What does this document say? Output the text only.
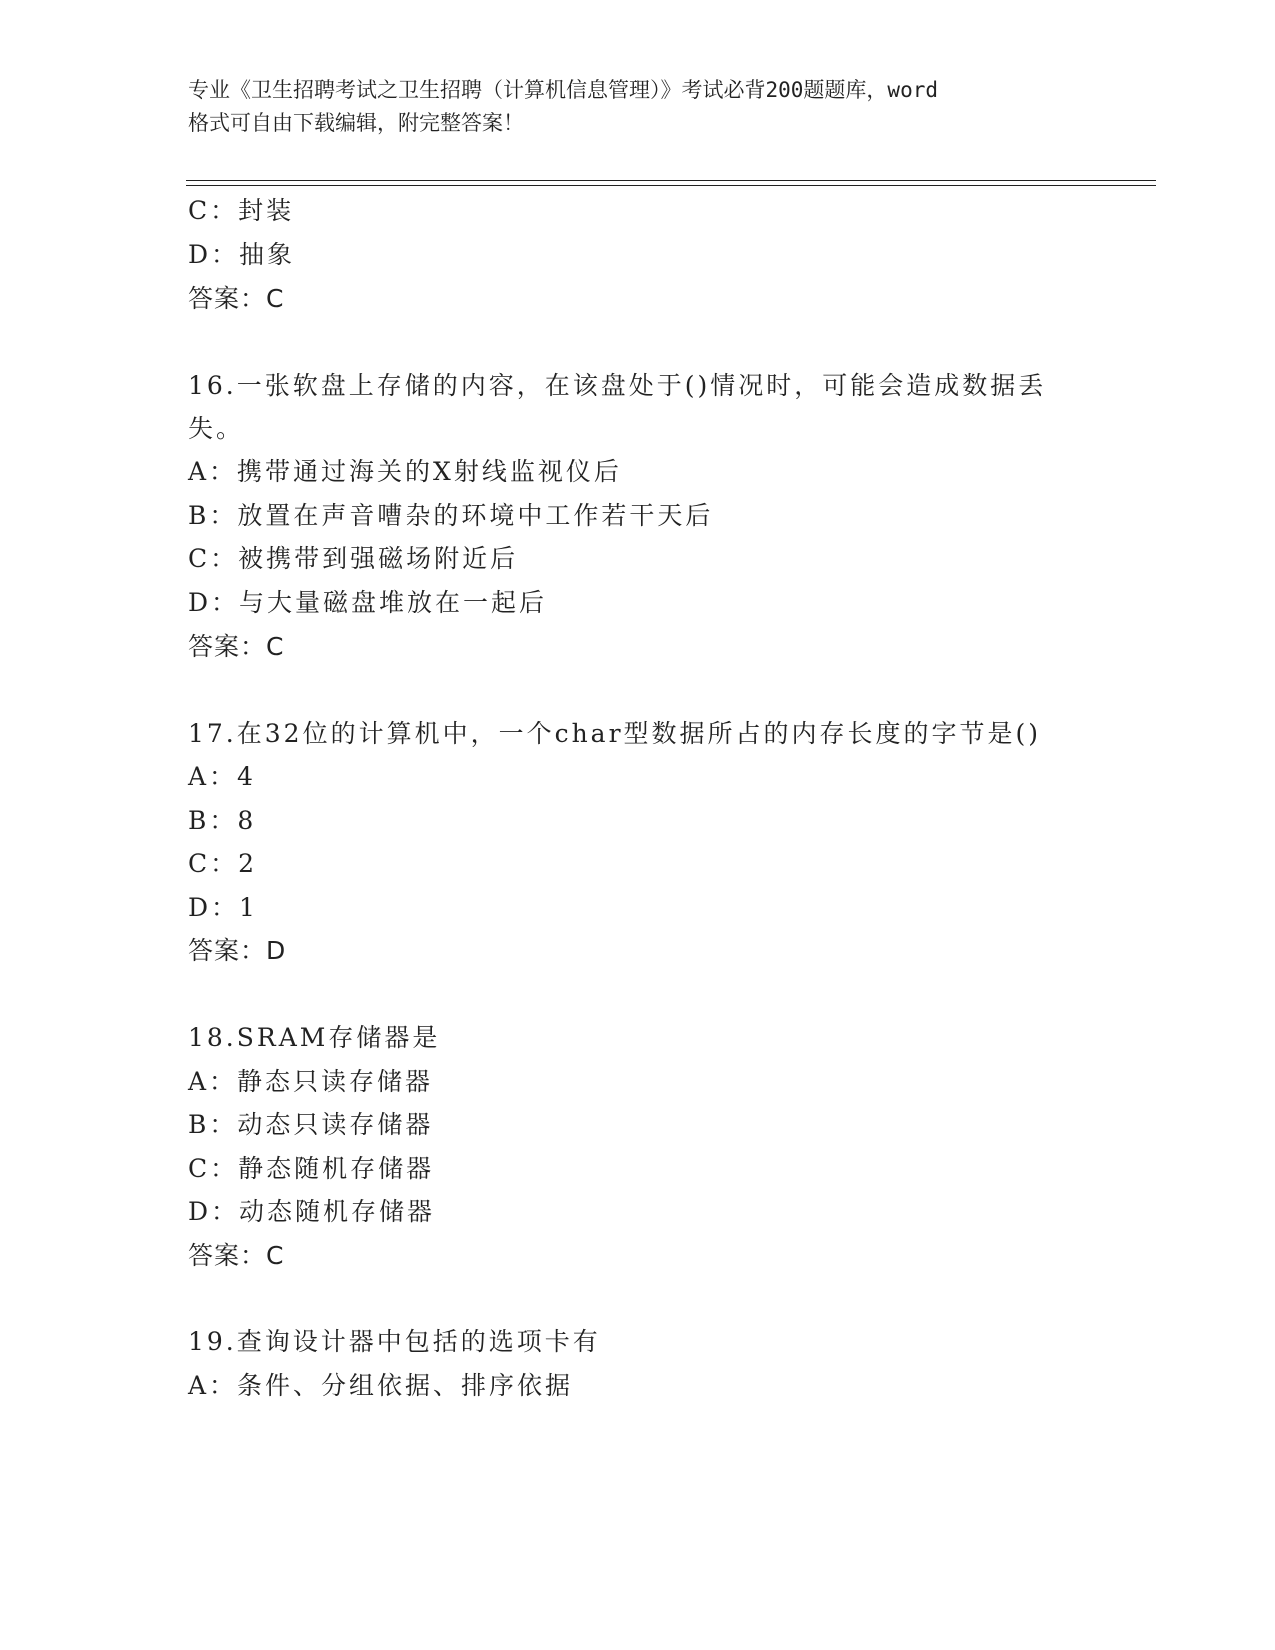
专业《卫生招聘考试之卫生招聘（计算机信息管理）》考试必背200题题库，word
格式可自由下载编辑，附完整答案！
C：封装
D：抽象
答案：C
16.一张软盘上存储的内容，在该盘处于()情况时，可能会造成数据丢
失。
A：携带通过海关的X射线监视仪后
B：放置在声音嘈杂的环境中工作若干天后
C：被携带到强磁场附近后
D：与大量磁盘堆放在一起后
答案：C
17.在32位的计算机中，一个char型数据所占的内存长度的字节是()
A：4
B：8
C：2
D：1
答案：D
18.SRAM存储器是
A：静态只读存储器
B：动态只读存储器
C：静态随机存储器
D：动态随机存储器
答案：C
19.查询设计器中包括的选项卡有
A：条件、分组依据、排序依据
